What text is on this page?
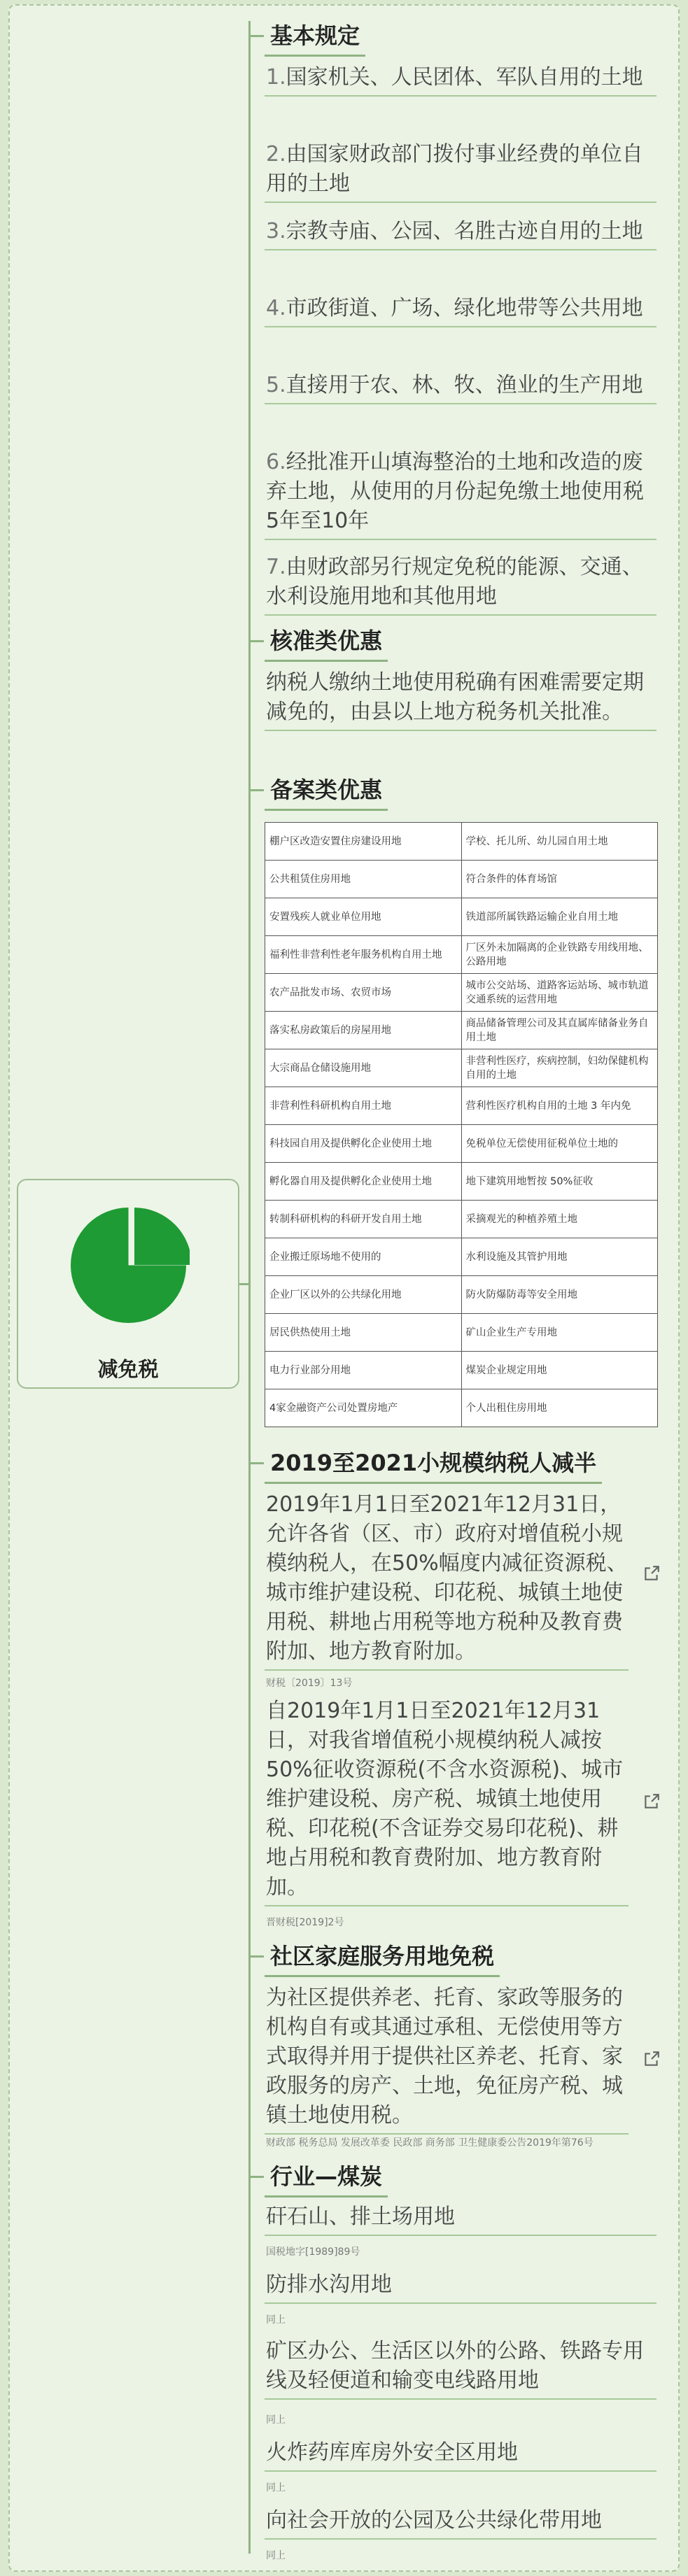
减免税
基本规定
1.国家机关、人民团体、军队自用的土地
2.由国家财政部门拨付事业经费的单位自用的土地
3.宗教寺庙、公园、名胜古迹自用的土地
4.市政街道、广场、绿化地带等公共用地
5.直接用于农、林、牧、渔业的生产用地
6.经批准开山填海整治的土地和改造的废弃土地，从使用的月份起免缴土地使用税5年至10年
7.由财政部另行规定免税的能源、交通、水利设施用地和其他用地
核准类优惠
纳税人缴纳土地使用税确有困难需要定期减免的，由县以上地方税务机关批准。
备案类优惠
棚户区改造安置住房建设用地	学校、托儿所、幼儿园自用土地
公共租赁住房用地	符合条件的体育场馆
安置残疾人就业单位用地	铁道部所属铁路运输企业自用土地
福利性非营利性老年服务机构自用土地	厂区外未加隔离的企业铁路专用线用地、公路用地
农产品批发市场、农贸市场	城市公交站场、道路客运站场、城市轨道交通系统的运营用地
落实私房政策后的房屋用地	商品储备管理公司及其直属库储备业务自用土地
大宗商品仓储设施用地	非营利性医疗，疾病控制，妇幼保健机构自用的土地
非营利性科研机构自用土地	营利性医疗机构自用的土地 3 年内免
科技园自用及提供孵化企业使用土地	免税单位无偿使用征税单位土地的
孵化器自用及提供孵化企业使用土地	地下建筑用地暂按 50%征收
转制科研机构的科研开发自用土地	采摘观光的种植养殖土地
企业搬迁原场地不使用的	水利设施及其管护用地
企业厂区以外的公共绿化用地	防火防爆防毒等安全用地
居民供热使用土地	矿山企业生产专用地
电力行业部分用地	煤炭企业规定用地
4家金融资产公司处置房地产	个人出租住房用地
2019至2021小规模纳税人减半
2019年1月1日至2021年12月31日，允许各省（区、市）政府对增值税小规模纳税人，在50%幅度内减征资源税、城市维护建设税、印花税、城镇土地使用税、耕地占用税等地方税种及教育费附加、地方教育附加。
财税〔2019〕13号
自2019年1月1日至2021年12月31日，对我省增值税小规模纳税人减按50%征收资源税(不含水资源税)、城市维护建设税、房产税、城镇土地使用税、印花税(不含证券交易印花税)、耕地占用税和教育费附加、地方教育附加。
晋财税[2019]2号
社区家庭服务用地免税
为社区提供养老、托育、家政等服务的机构自有或其通过承租、无偿使用等方式取得并用于提供社区养老、托育、家政服务的房产、土地，免征房产税、城镇土地使用税。
财政部 税务总局 发展改革委 民政部 商务部 卫生健康委公告2019年第76号
行业—煤炭
矸石山、排土场用地
国税地字[1989]89号
防排水沟用地
同上
矿区办公、生活区以外的公路、铁路专用线及轻便道和输变电线路用地
同上
火炸药库库房外安全区用地
同上
向社会开放的公园及公共绿化带用地
同上
